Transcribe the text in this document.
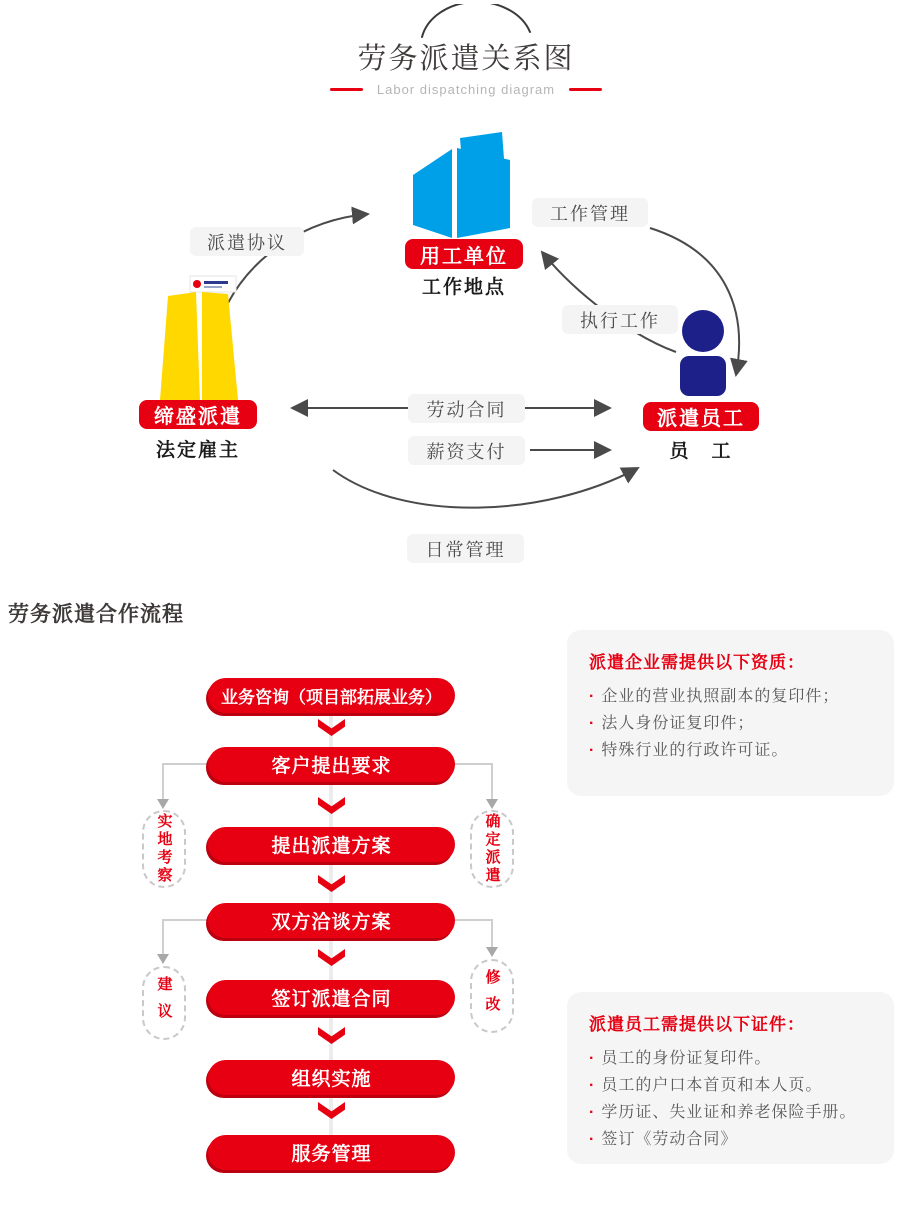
劳务派遣关系图
Labor dispatching diagram
用工单位
工作地点
缔盛派遣
法定雇主
派遣员工
员　工
派遣协议
工作管理
执行工作
劳动合同
薪资支付
日常管理
劳务派遣合作流程
业务咨询（项目部拓展业务）
客户提出要求
提出派遣方案
双方洽谈方案
签订派遣合同
组织实施
服务管理
实地考察	确定派遣
建议	修改
派遣企业需提供以下资质：
· 企业的营业执照副本的复印件；
· 法人身份证复印件；
· 特殊行业的行政许可证。
派遣员工需提供以下证件：
· 员工的身份证复印件。
· 员工的户口本首页和本人页。
· 学历证、失业证和养老保险手册。
· 签订《劳动合同》
